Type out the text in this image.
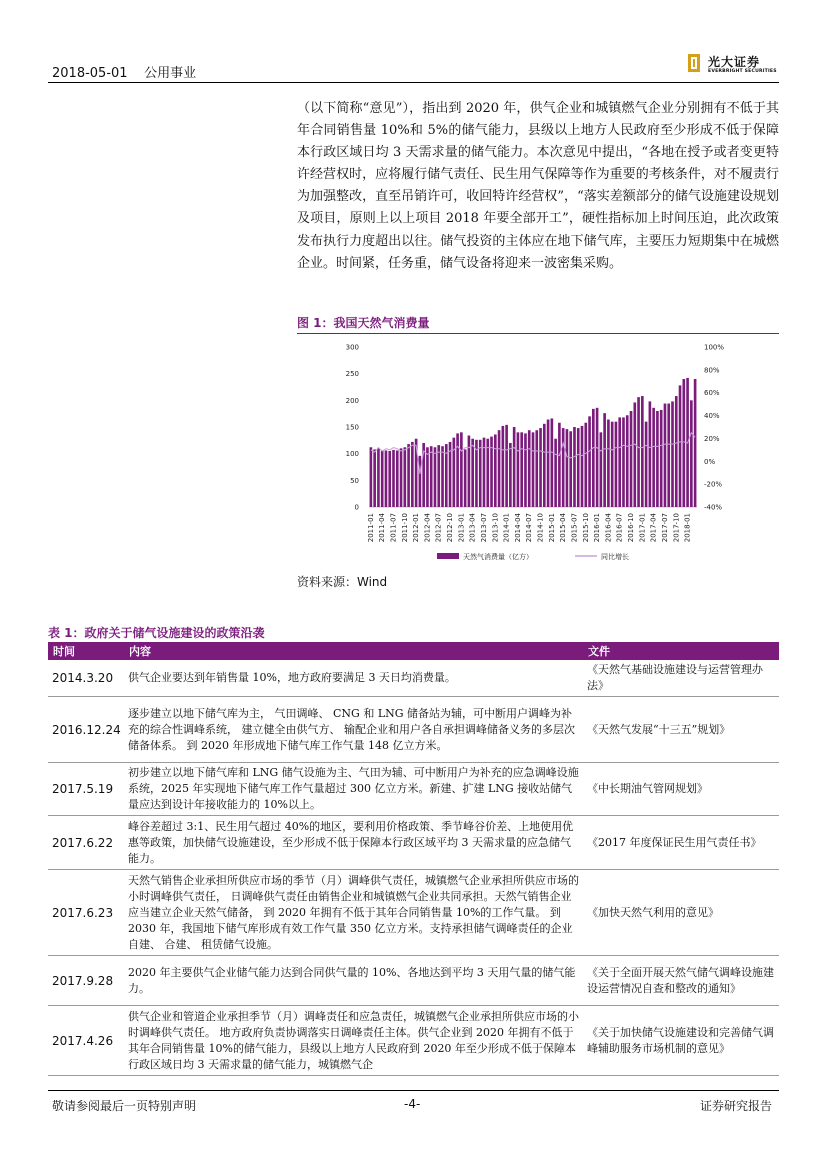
2018-05-01 公用事业
光大证券
EVERBRIGHT SECURITIES
（以下简称“意见”），指出到 2020 年，供气企业和城镇燃气企业分别拥有不低于其年合同销售量 10%和 5%的储气能力，县级以上地方人民政府至少形成不低于保障本行政区域日均 3 天需求量的储气能力。本次意见中提出，“各地在授予或者变更特许经营权时，应将履行储气责任、民生用气保障等作为重要的考核条件，对不履责行为加强整改，直至吊销许可，收回特许经营权”，“落实差额部分的储气设施建设规划及项目，原则上以上项目 2018 年要全部开工”，硬性指标加上时间压迫，此次政策发布执行力度超出以往。储气投资的主体应在地下储气库，主要压力短期集中在城燃企业。时间紧，任务重，储气设备将迎来一波密集采购。
图 1：我国天然气消费量
0
50
100
150
200
250
300
-40%
-20%
0%
20%
40%
60%
80%
100%
2011-01 2011-04 2011-07 2011-10 2012-01 2012-04 2012-07 2012-10 2013-01 2013-04 2013-07 2013-10 2014-01 2014-04 2014-07 2014-10 2015-01 2015-04 2015-07 2015-10 2016-01 2016-04 2016-07 2016-10 2017-01 2017-04 2017-07 2017-10 2018-01
天然气消费量（亿方）	同比增长
资料来源：Wind
表 1：政府关于储气设施建设的政策沿袭
时间	内容	文件
2014.3.20	供气企业要达到年销售量 10%，地方政府要满足 3 天日均消费量。	《天然气基础设施建设与运营管理办法》
2016.12.24	逐步建立以地下储气库为主， 气田调峰、 CNG 和 LNG 储备站为辅，可中断用户调峰为补充的综合性调峰系统， 建立健全由供气方、 输配企业和用户各自承担调峰储备义务的多层次储备体系。 到 2020 年形成地下储气库工作气量 148 亿立方米。	《天然气发展“十三五”规划》
2017.5.19	初步建立以地下储气库和 LNG 储气设施为主、气田为辅、可中断用户为补充的应急调峰设施系统，2025 年实现地下储气库工作气量超过 300 亿立方米。新建、扩建 LNG 接收站储气量应达到设计年接收能力的 10%以上。	《中长期油气管网规划》
2017.6.22	峰谷差超过 3:1、民生用气超过 40%的地区，要利用价格政策、季节峰谷价差、上地使用优惠等政策，加快储气设施建设，至少形成不低于保障本行政区域平均 3 天需求量的应急储气能力。	《2017 年度保证民生用气责任书》
2017.6.23	天然气销售企业承担所供应市场的季节（月）调峰供气责任，城镇燃气企业承担所供应市场的小时调峰供气责任， 日调峰供气责任由销售企业和城镇燃气企业共同承担。天然气销售企业应当建立企业天然气储备， 到 2020 年拥有不低于其年合同销售量 10%的工作气量。 到 2030 年，我国地下储气库形成有效工作气量 350 亿立方米。支持承担储气调峰责任的企业自建、 合建、 租赁储气设施。	《加快天然气利用的意见》
2017.9.28	2020 年主要供气企业储气能力达到合同供气量的 10%、各地达到平均 3 天用气量的储气能力。	《关于全面开展天然气储气调峰设施建设运营情况自查和整改的通知》
2017.4.26	供气企业和管道企业承担季节（月）调峰责任和应急责任，城镇燃气企业承担所供应市场的小时调峰供气责任。 地方政府负责协调落实日调峰责任主体。供气企业到 2020 年拥有不低于其年合同销售量 10%的储气能力，县级以上地方人民政府到 2020 年至少形成不低于保障本行政区域日均 3 天需求量的储气能力，城镇燃气企	《关于加快储气设施建设和完善储气调峰辅助服务市场机制的意见》
敬请参阅最后一页特别声明	-4-	证券研究报告
